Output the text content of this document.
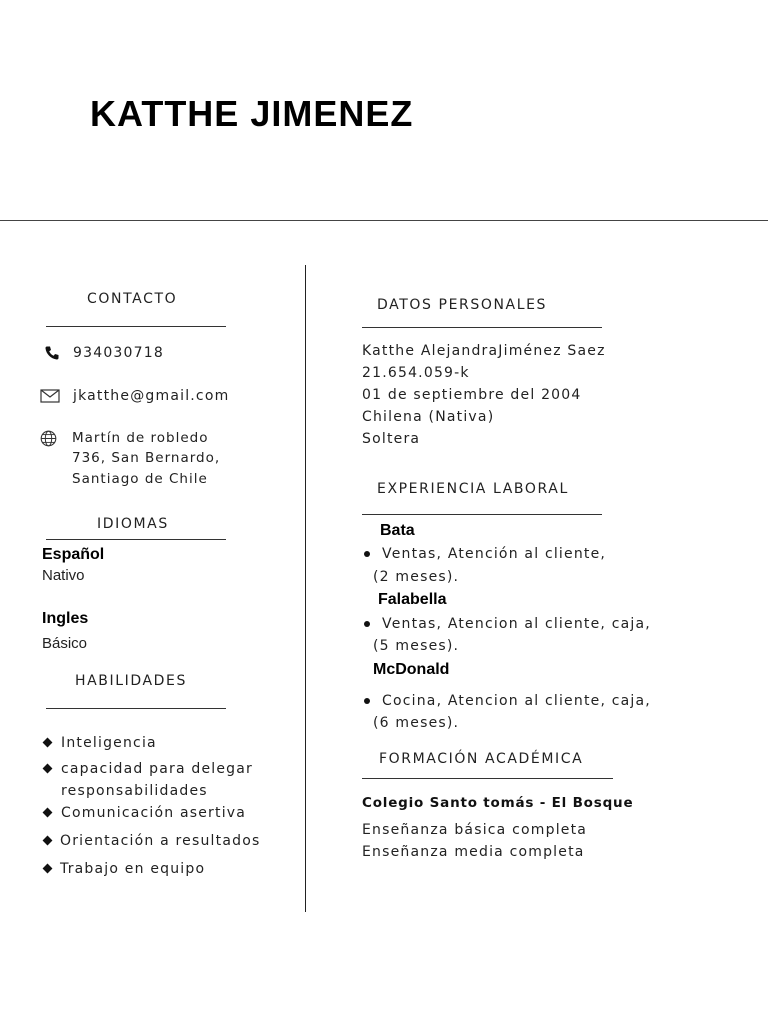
KATTHE JIMENEZ
CONTACTO
934030718
jkatthe@gmail.com
Martín de robledo
736, San Bernardo,
Santiago de Chile
IDIOMAS
Español
Nativo
Ingles
Básico
HABILIDADES
Inteligencia
capacidad para delegar
responsabilidades
Comunicación asertiva
Orientación a resultados
Trabajo en equipo
DATOS PERSONALES
Katthe AlejandraJiménez Saez
21.654.059-k
01 de septiembre del 2004
Chilena (Nativa)
Soltera
EXPERIENCIA LABORAL
Bata
Ventas, Atención al cliente,
(2 meses).
Falabella
Ventas, Atencion al cliente, caja,
(5 meses).
McDonald
Cocina, Atencion al cliente, caja,
(6 meses).
FORMACIÓN ACADÉMICA
Colegio Santo tomás - El Bosque
Enseñanza básica completa
Enseñanza media completa
